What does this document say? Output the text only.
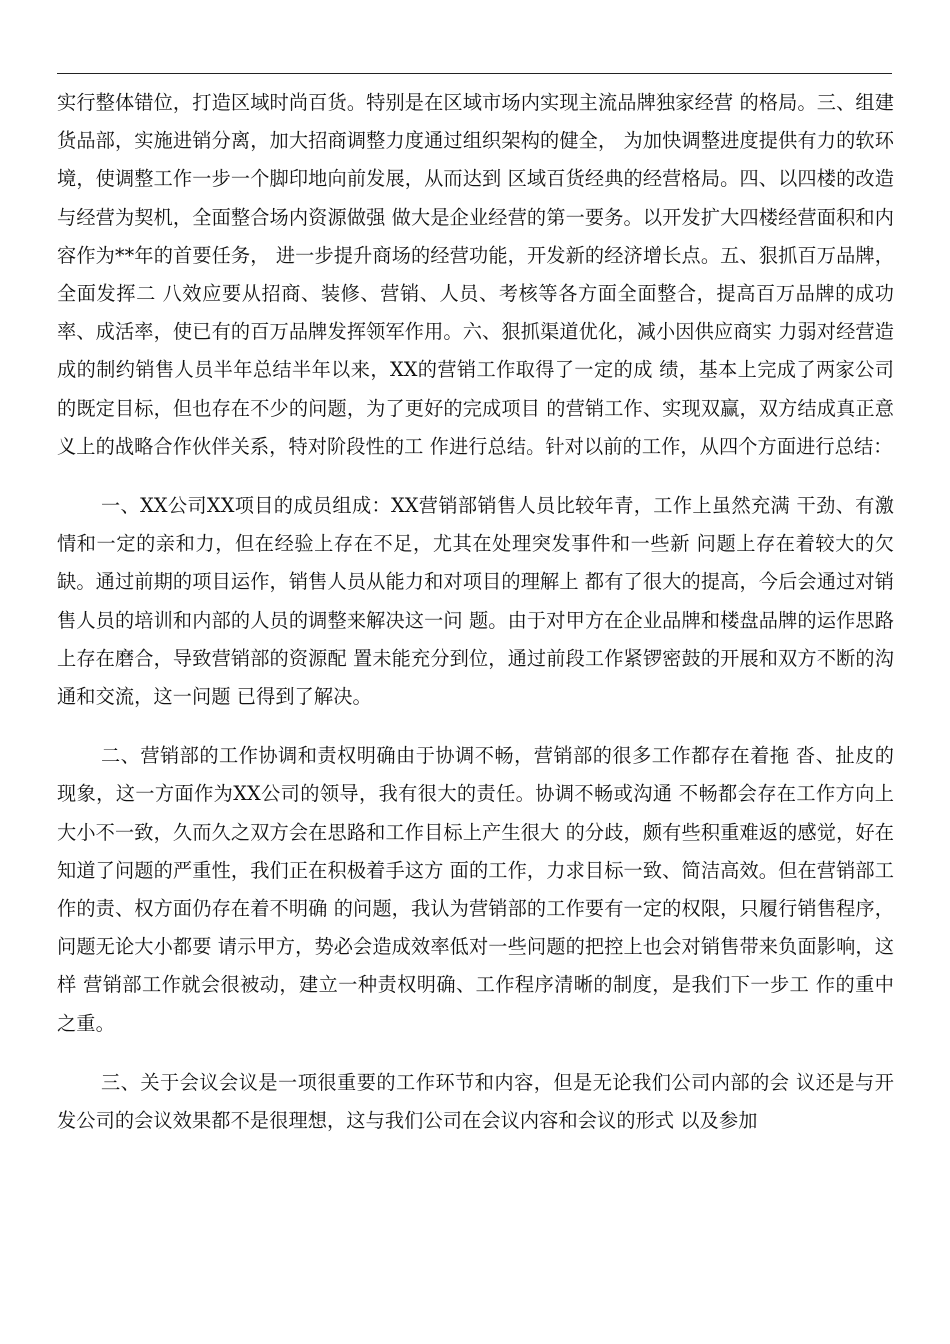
实行整体错位，打造区域时尚百货。特别是在区域市场内实现主流品牌独家经营 的格局。三、组建货品部，实施进销分离，加大招商调整力度通过组织架构的健全， 为加快调整进度提供有力的软环境，使调整工作一步一个脚印地向前发展，从而达到 区域百货经典的经营格局。四、以四楼的改造与经营为契机，全面整合场内资源做强 做大是企业经营的第一要务。以开发扩大四楼经营面积和内容作为**年的首要任务， 进一步提升商场的经营功能，开发新的经济增长点。五、狠抓百万品牌，全面发挥二 八效应要从招商、装修、营销、人员、考核等各方面全面整合，提高百万品牌的成功 率、成活率，使已有的百万品牌发挥领军作用。六、狠抓渠道优化，减小因供应商实 力弱对经营造成的制约销售人员半年总结半年以来，XX的营销工作取得了一定的成 绩，基本上完成了两家公司的既定目标，但也存在不少的问题，为了更好的完成项目 的营销工作、实现双赢，双方结成真正意义上的战略合作伙伴关系，特对阶段性的工 作进行总结。针对以前的工作，从四个方面进行总结：

一、XX公司XX项目的成员组成：XX营销部销售人员比较年青，工作上虽然充满 干劲、有激情和一定的亲和力，但在经验上存在不足，尤其在处理突发事件和一些新 问题上存在着较大的欠缺。通过前期的项目运作，销售人员从能力和对项目的理解上 都有了很大的提高，今后会通过对销售人员的培训和内部的人员的调整来解决这一问 题。由于对甲方在企业品牌和楼盘品牌的运作思路上存在磨合，导致营销部的资源配 置未能充分到位，通过前段工作紧锣密鼓的开展和双方不断的沟通和交流，这一问题 已得到了解决。

二、营销部的工作协调和责权明确由于协调不畅，营销部的很多工作都存在着拖 沓、扯皮的现象，这一方面作为XX公司的领导，我有很大的责任。协调不畅或沟通 不畅都会存在工作方向上大小不一致，久而久之双方会在思路和工作目标上产生很大 的分歧，颇有些积重难返的感觉，好在知道了问题的严重性，我们正在积极着手这方 面的工作，力求目标一致、简洁高效。但在营销部工作的责、权方面仍存在着不明确 的问题，我认为营销部的工作要有一定的权限，只履行销售程序，问题无论大小都要 请示甲方，势必会造成效率低对一些问题的把控上也会对销售带来负面影响，这样 营销部工作就会很被动，建立一种责权明确、工作程序清晰的制度，是我们下一步工 作的重中之重。

三、关于会议会议是一项很重要的工作环节和内容，但是无论我们公司内部的会 议还是与开发公司的会议效果都不是很理想，这与我们公司在会议内容和会议的形式 以及参加
